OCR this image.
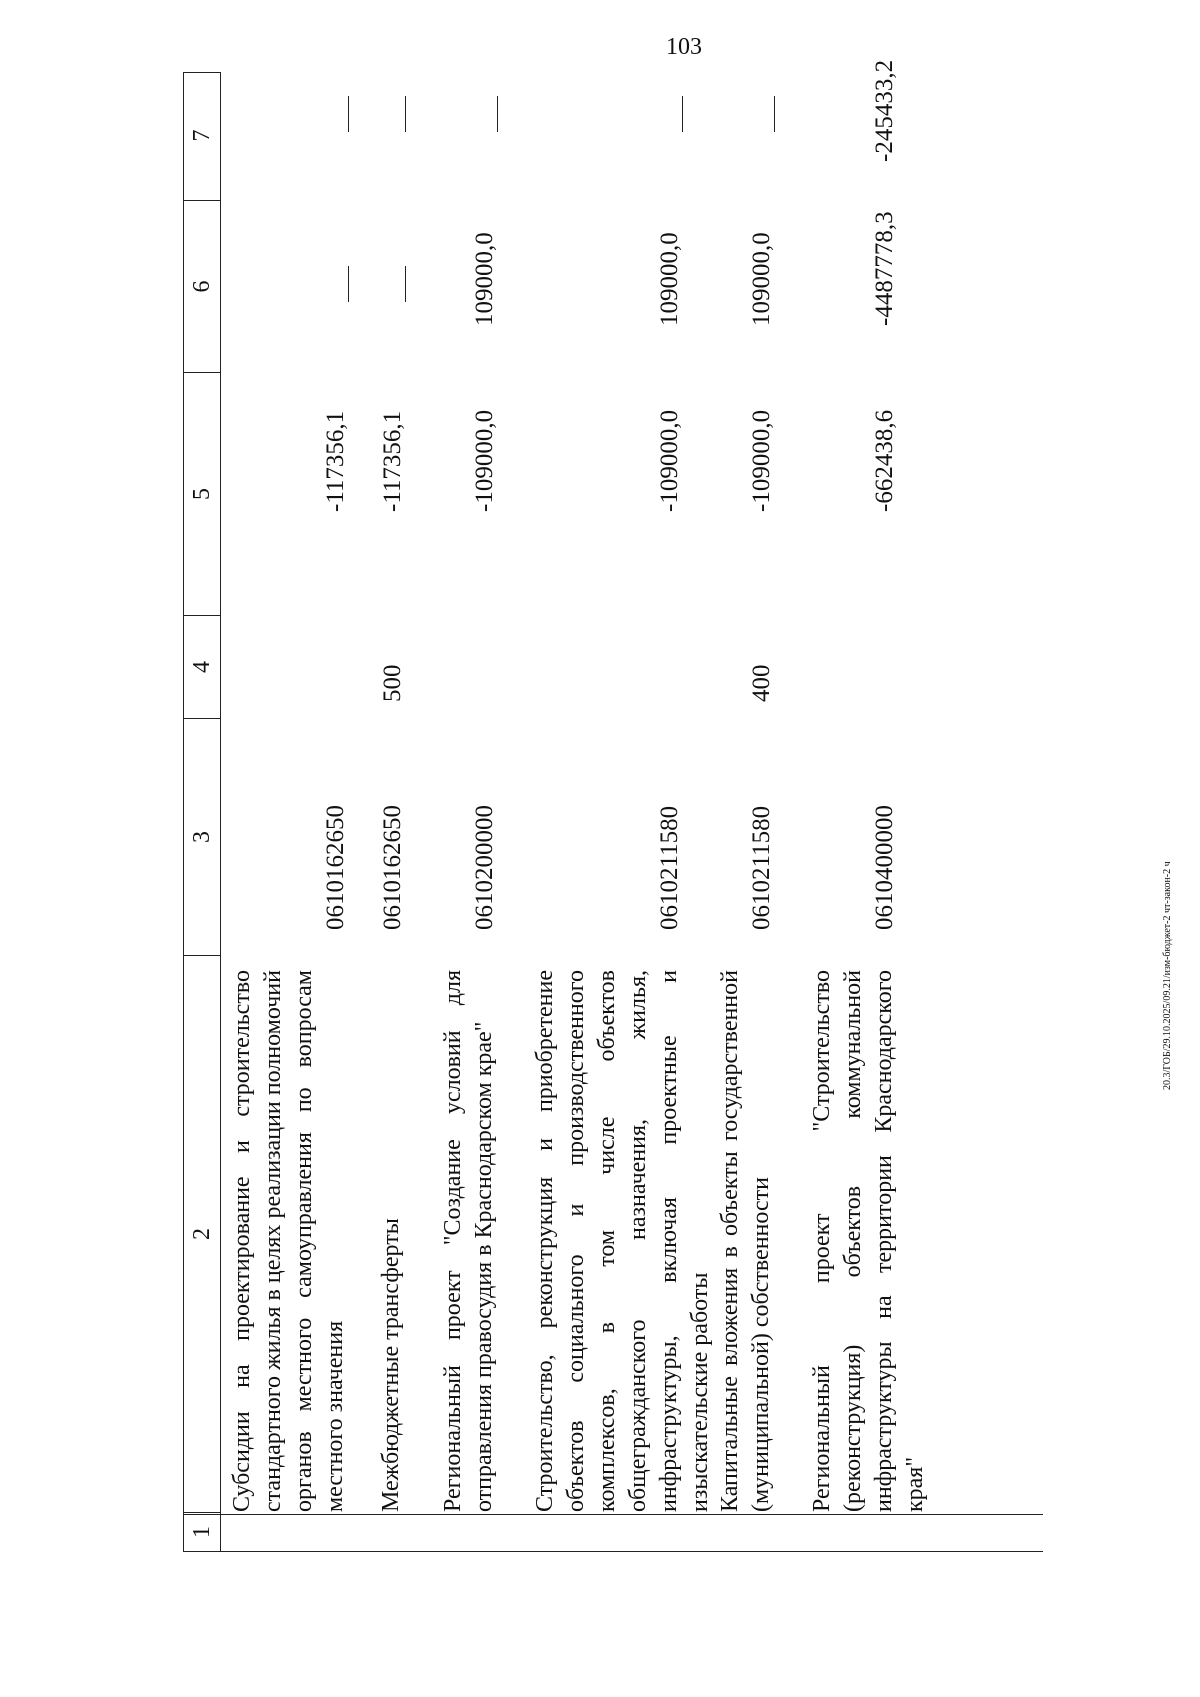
103
20.3/ГОБ/29.10.2025/09.21/изм-бюджет-2 чт-закон-2 ч
1
2
3
4
5
6
7
Субсидии на проектирование и строительство стандартного жилья в целях реализации полномочий органов местного самоуправления по вопросам местного значения
0610162650
-117356,1
Межбюджетные трансферты
0610162650
500
-117356,1
Региональный проект "Создание условий для отправления правосудия в Краснодарском крае"
0610200000
-109000,0
109000,0
Строительство, реконструкция и приобретение объектов социального и производственного комплексов, в том числе объектов общегражданского назначения, жилья, инфраструктуры, включая проектные и изыскательские работы
0610211580
-109000,0
109000,0
Капитальные вложения в объекты государственной (муниципальной) собственности
0610211580
400
-109000,0
109000,0
Региональный проект "Строительство (реконструкция) объектов коммунальной инфраструктуры на территории Краснодарского края"
0610400000
-662438,6
-4487778,3
-245433,2
